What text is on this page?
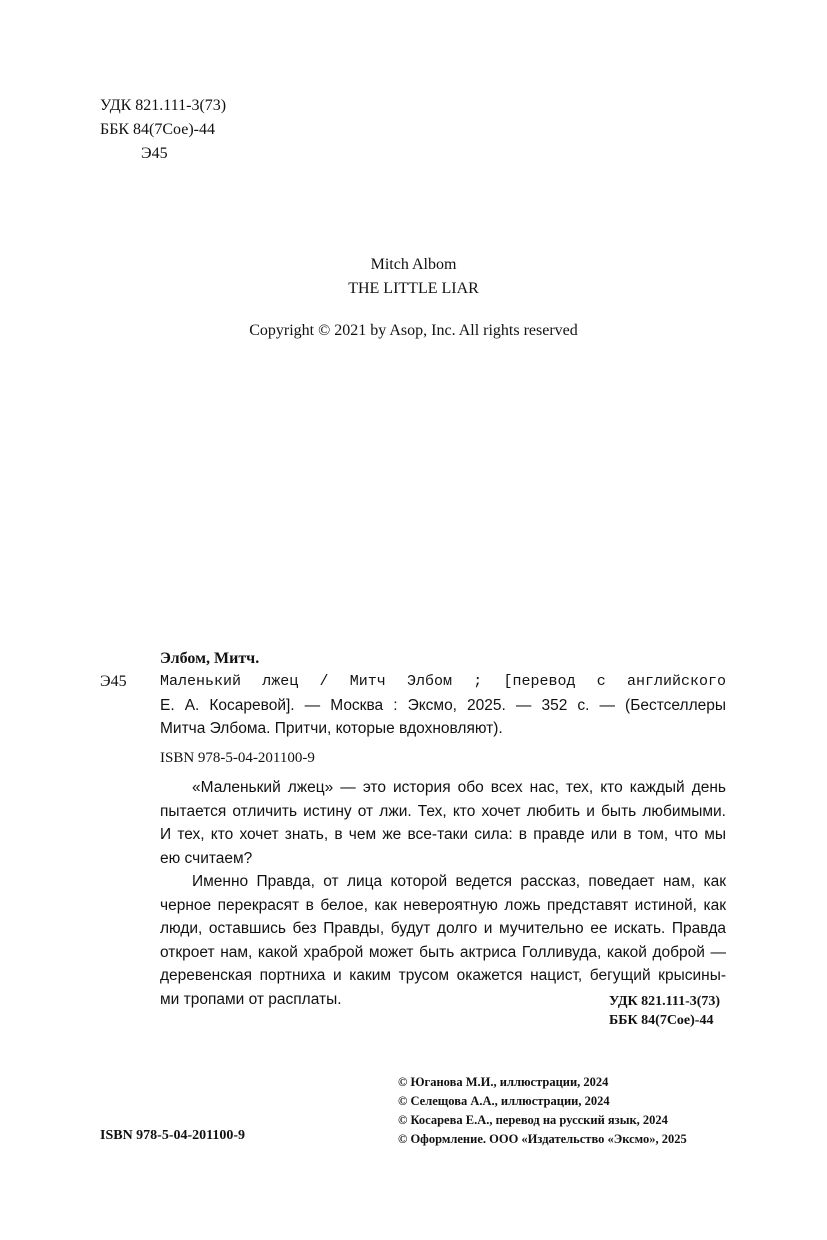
УДК 821.111-3(73)
ББК 84(7Сое)-44
Э45
Mitch Albom
THE LITTLE LIAR
Copyright © 2021 by Asop, Inc. All rights reserved
Элбом, Митч.
Э45 Маленький лжец / Митч Элбом ; [перевод с английского
Е. А. Косаревой]. — Москва : Эксмо, 2025. — 352 с. — (Бестселлеры
Митча Элбома. Притчи, которые вдохновляют).
ISBN 978-5-04-201100-9
«Маленький лжец» — это история обо всех нас, тех, кто каждый день
пытается отличить истину от лжи. Тех, кто хочет любить и быть любимыми.
И тех, кто хочет знать, в чем же все-таки сила: в правде или в том, что мы
ею считаем?
Именно Правда, от лица которой ведется рассказ, поведает нам, как
черное перекрасят в белое, как невероятную ложь представят истиной, как
люди, оставшись без Правды, будут долго и мучительно ее искать. Правда
откроет нам, какой храброй может быть актриса Голливуда, какой доброй —
деревенская портниха и каким трусом окажется нацист, бегущий крысины-
ми тропами от расплаты.	УДК 821.111-3(73)
ББК 84(7Сое)-44
ISBN 978-5-04-201100-9
© Юганова М.И., иллюстрации, 2024
© Селещова А.А., иллюстрации, 2024
© Косарева Е.А., перевод на русский язык, 2024
© Оформление. ООО «Издательство «Эксмо», 2025
